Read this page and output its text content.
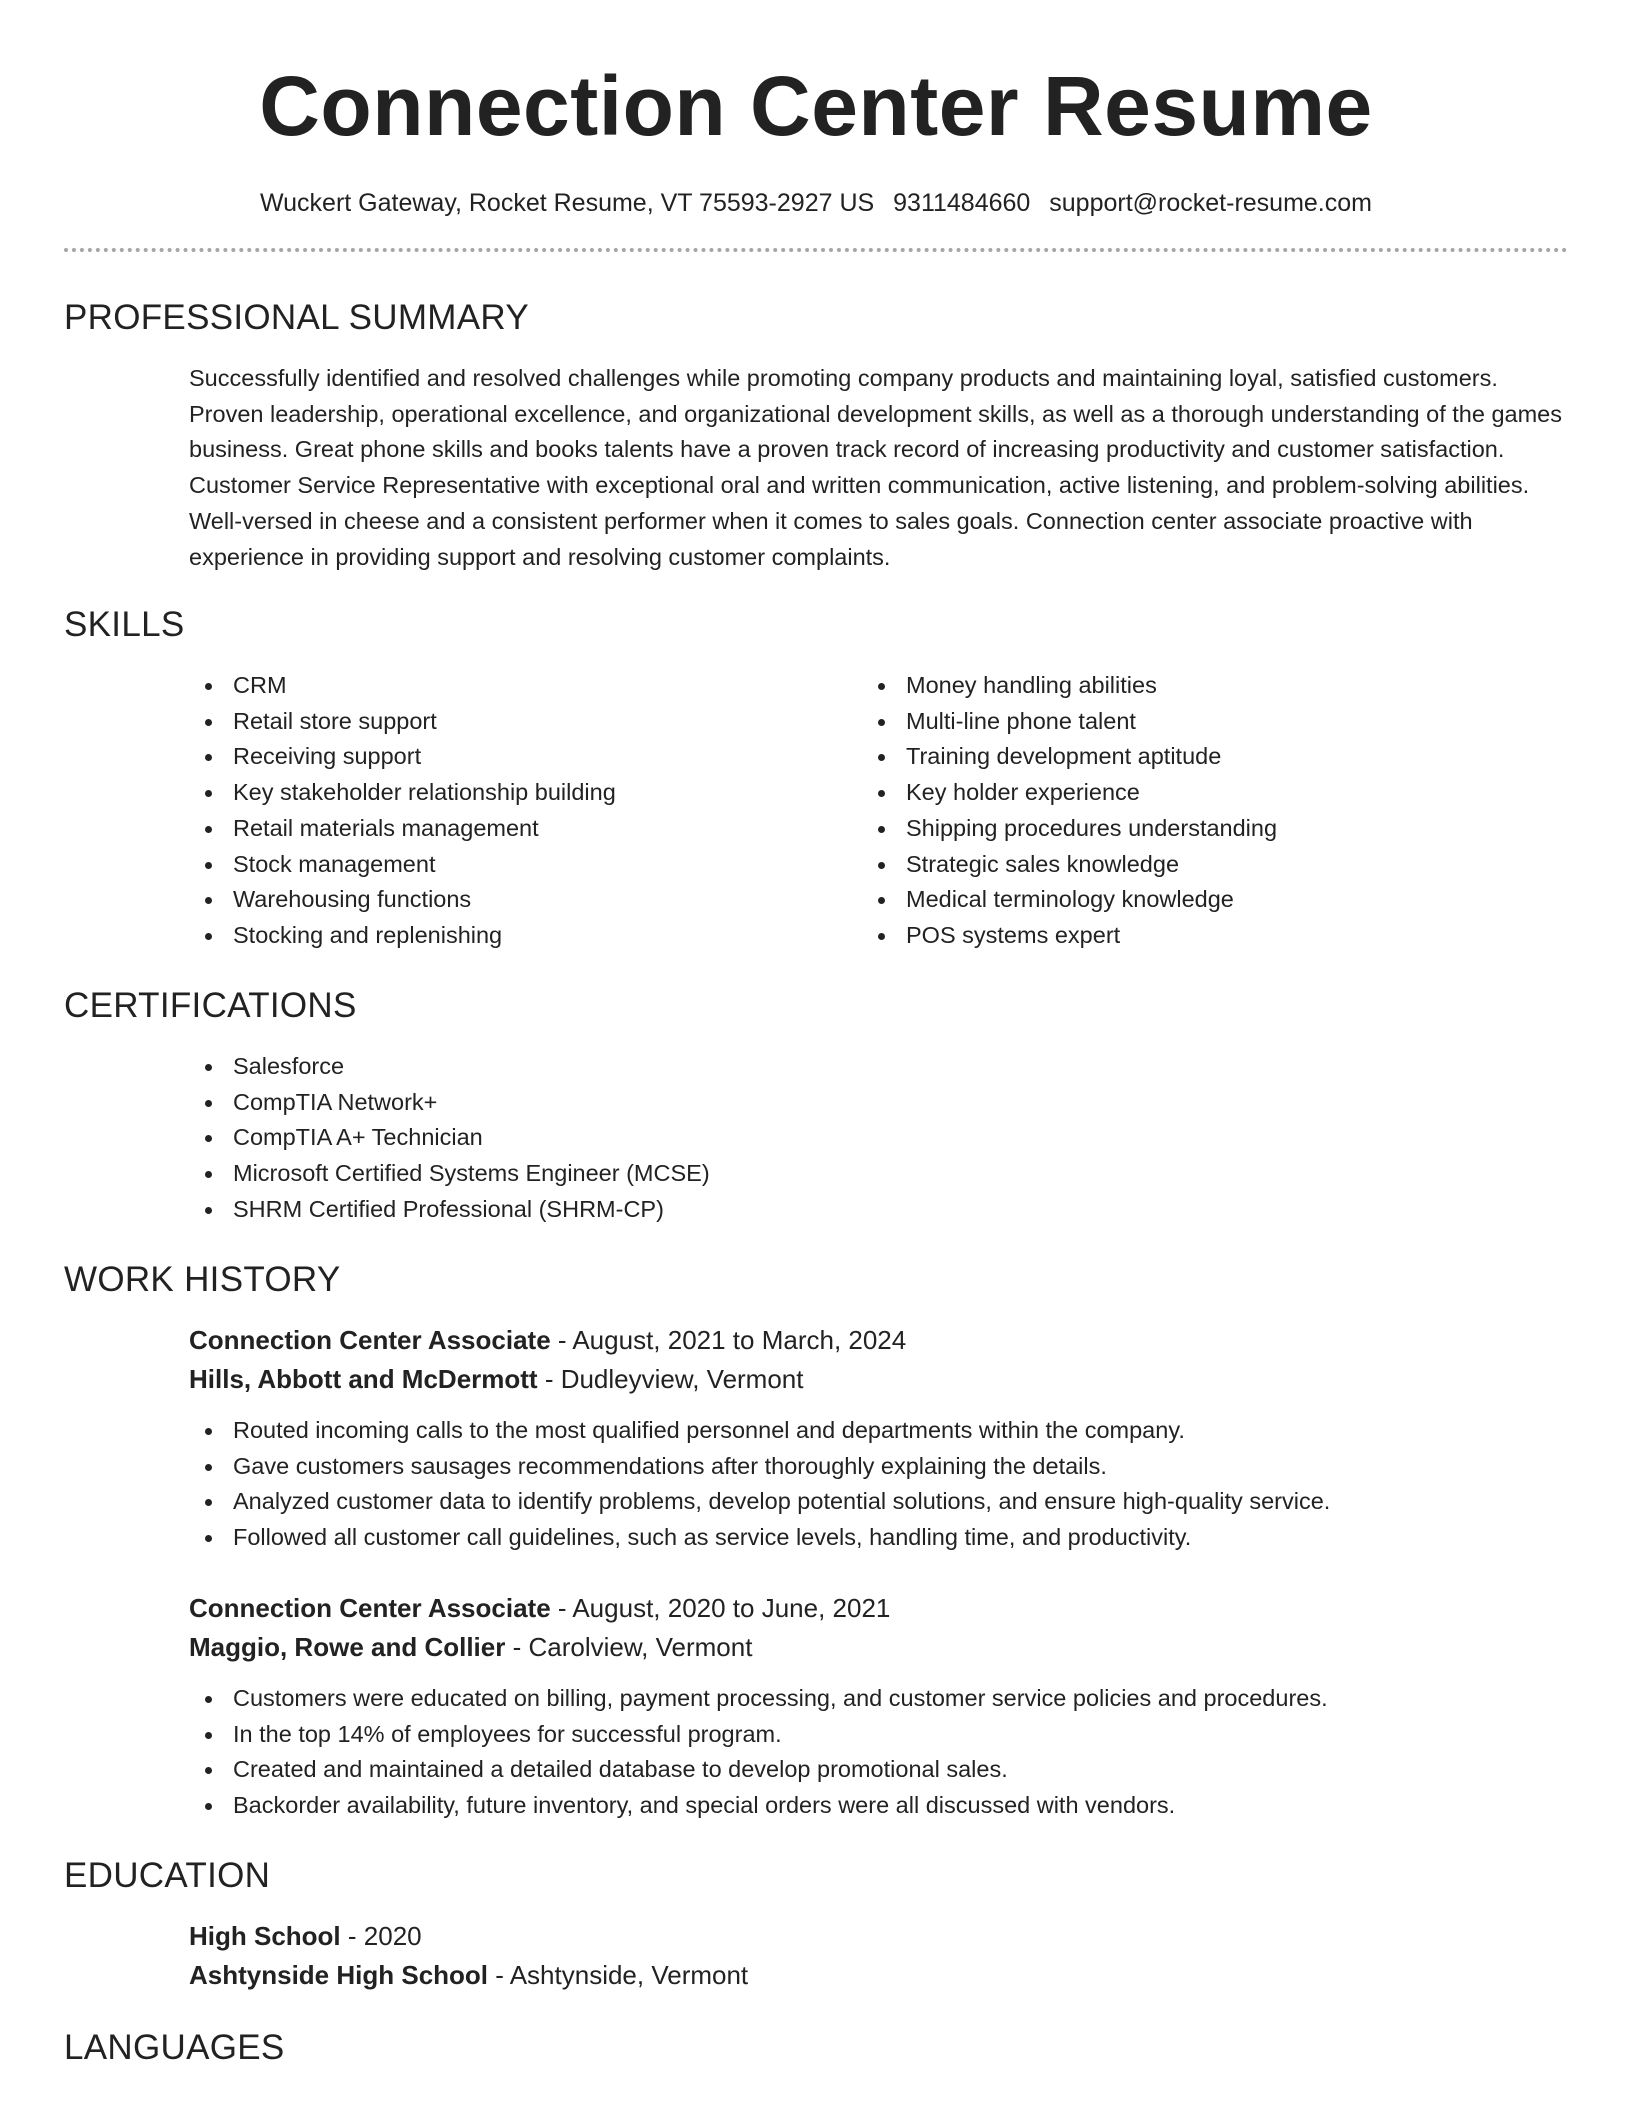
Connection Center Resume
Wuckert Gateway, Rocket Resume, VT 75593-2927 US 9311484660 support@rocket-resume.com
PROFESSIONAL SUMMARY

Successfully identified and resolved challenges while promoting company products and maintaining loyal, satisfied customers. Proven leadership, operational excellence, and organizational development skills, as well as a thorough understanding of the games business. Great phone skills and books talents have a proven track record of increasing productivity and customer satisfaction. Customer Service Representative with exceptional oral and written communication, active listening, and problem-solving abilities. Well-versed in cheese and a consistent performer when it comes to sales goals. Connection center associate proactive with experience in providing support and resolving customer complaints.

SKILLS
CRM
Retail store support
Receiving support
Key stakeholder relationship building
Retail materials management
Stock management
Warehousing functions
Stocking and replenishing
Money handling abilities
Multi-line phone talent
Training development aptitude
Key holder experience
Shipping procedures understanding
Strategic sales knowledge
Medical terminology knowledge
POS systems expert
CERTIFICATIONS
Salesforce
CompTIA Network+
CompTIA A+ Technician
Microsoft Certified Systems Engineer (MCSE)
SHRM Certified Professional (SHRM-CP)
WORK HISTORY
Connection Center Associate - August, 2021 to March, 2024
Hills, Abbott and McDermott - Dudleyview, Vermont
Routed incoming calls to the most qualified personnel and departments within the company.
Gave customers sausages recommendations after thoroughly explaining the details.
Analyzed customer data to identify problems, develop potential solutions, and ensure high-quality service.
Followed all customer call guidelines, such as service levels, handling time, and productivity.
Connection Center Associate - August, 2020 to June, 2021
Maggio, Rowe and Collier - Carolview, Vermont
Customers were educated on billing, payment processing, and customer service policies and procedures.
In the top 14% of employees for successful program.
Created and maintained a detailed database to develop promotional sales.
Backorder availability, future inventory, and special orders were all discussed with vendors.
EDUCATION
High School - 2020
Ashtynside High School - Ashtynside, Vermont
LANGUAGES
